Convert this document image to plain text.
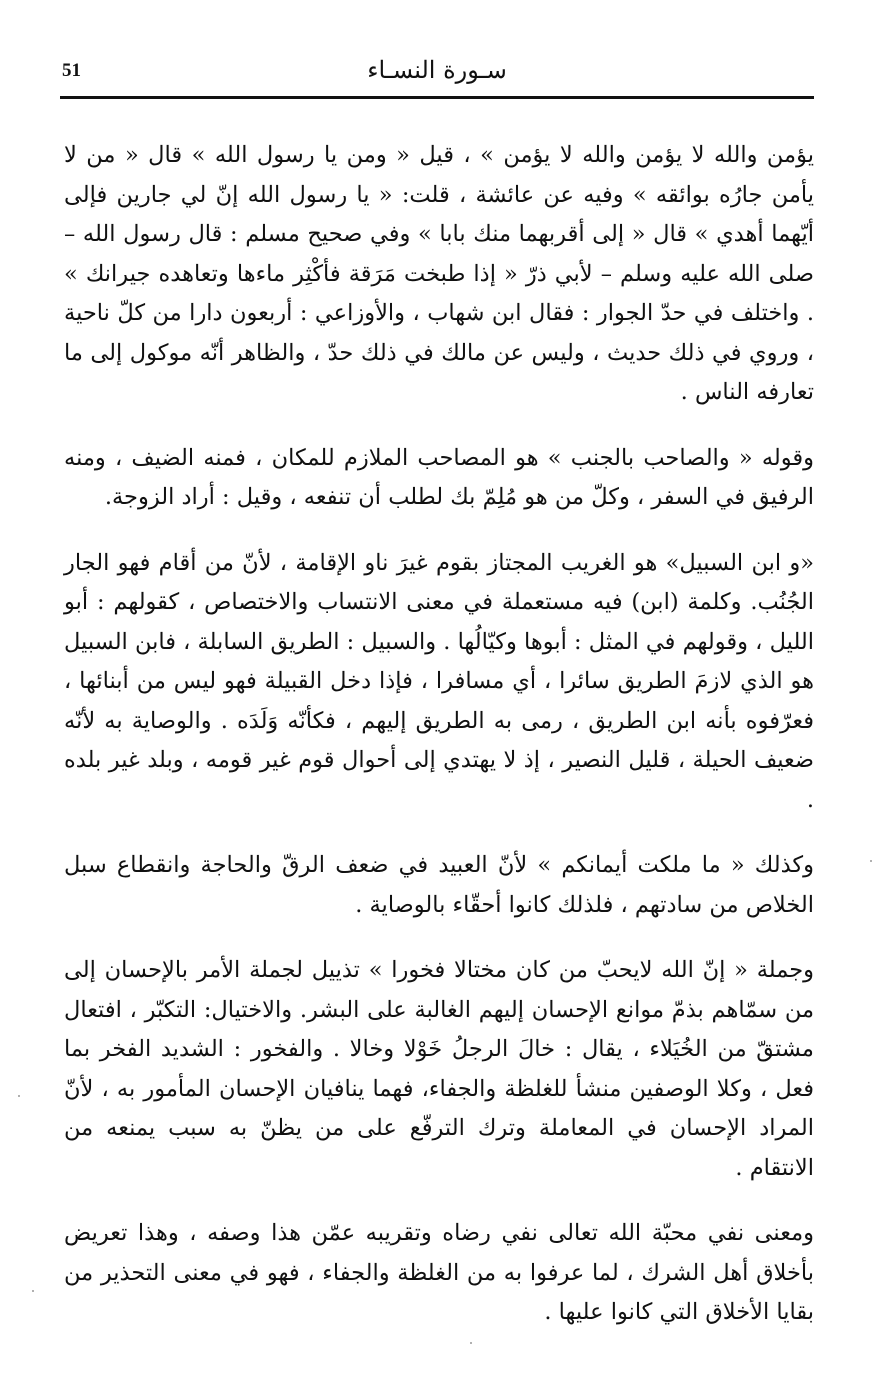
51	سـورة النسـاء

يؤمن والله لا يؤمن والله لا يؤمن » ، قيل « ومن يا رسول الله » قال « من لا يأمن جارُه بوائقه » وفيه عن عائشة ، قلت: « يا رسول الله إنّ لي جارين فإلى أيّهما أهدي » قال « إلى أقربهما منك بابا » وفي صحيح مسلم : قال رسول الله – صلى الله عليه وسلم – لأبي ذرّ « إذا طبخت مَرَقة فأكْثِر ماءها وتعاهده جيرانك » . واختلف في حدّ الجوار : فقال ابن شهاب ، والأوزاعي : أربعون دارا من كلّ ناحية ، وروي في ذلك حديث ، وليس عن مالك في ذلك حدّ ، والظاهر أنّه موكول إلى ما تعارفه الناس .

وقوله « والصاحب بالجنب » هو المصاحب الملازم للمكان ، فمنه الضيف ، ومنه الرفيق في السفر ، وكلّ من هو مُلِمّ بك لطلب أن تنفعه ، وقيل : أراد الزوجة.

«و ابن السبيل» هو الغريب المجتاز بقوم غيرَ ناو الإقامة ، لأنّ من أقام فهو الجار الجُنُب. وكلمة (ابن) فيه مستعملة في معنى الانتساب والاختصاص ، كقولهم : أبو الليل ، وقولهم في المثل : أبوها وكيّالُها . والسبيل : الطريق السابلة ، فابن السبيل هو الذي لازمَ الطريق سائرا ، أي مسافرا ، فإذا دخل القبيلة فهو ليس من أبنائها ، فعرّفوه بأنه ابن الطريق ، رمى به الطريق إليهم ، فكأنّه وَلَدَه . والوصاية به لأنّه ضعيف الحيلة ، قليل النصير ، إذ لا يهتدي إلى أحوال قوم غير قومه ، وبلد غير بلده .

وكذلك « ما ملكت أيمانكم » لأنّ العبيد في ضعف الرقّ والحاجة وانقطاع سبل الخلاص من سادتهم ، فلذلك كانوا أحقّاء بالوصاية .

وجملة « إنّ الله لايحبّ من كان مختالا فخورا » تذييل لجملة الأمر بالإحسان إلى من سمّاهم بذمّ موانع الإحسان إليهم الغالبة على البشر. والاختيال: التكبّر ، افتعال مشتقّ من الخُيَلاء ، يقال : خالَ الرجلُ خَوْلا وخالا . والفخور : الشديد الفخر بما فعل ، وكلا الوصفين منشأ للغلظة والجفاء، فهما ينافيان الإحسان المأمور به ، لأنّ المراد الإحسان في المعاملة وترك الترفّع على من يظنّ به سبب يمنعه من الانتقام .

ومعنى نفي محبّة الله تعالى نفي رضاه وتقريبه عمّن هذا وصفه ، وهذا تعريض بأخلاق أهل الشرك ، لما عرفوا به من الغلظة والجفاء ، فهو في معنى التحذير من بقايا الأخلاق التي كانوا عليها .
